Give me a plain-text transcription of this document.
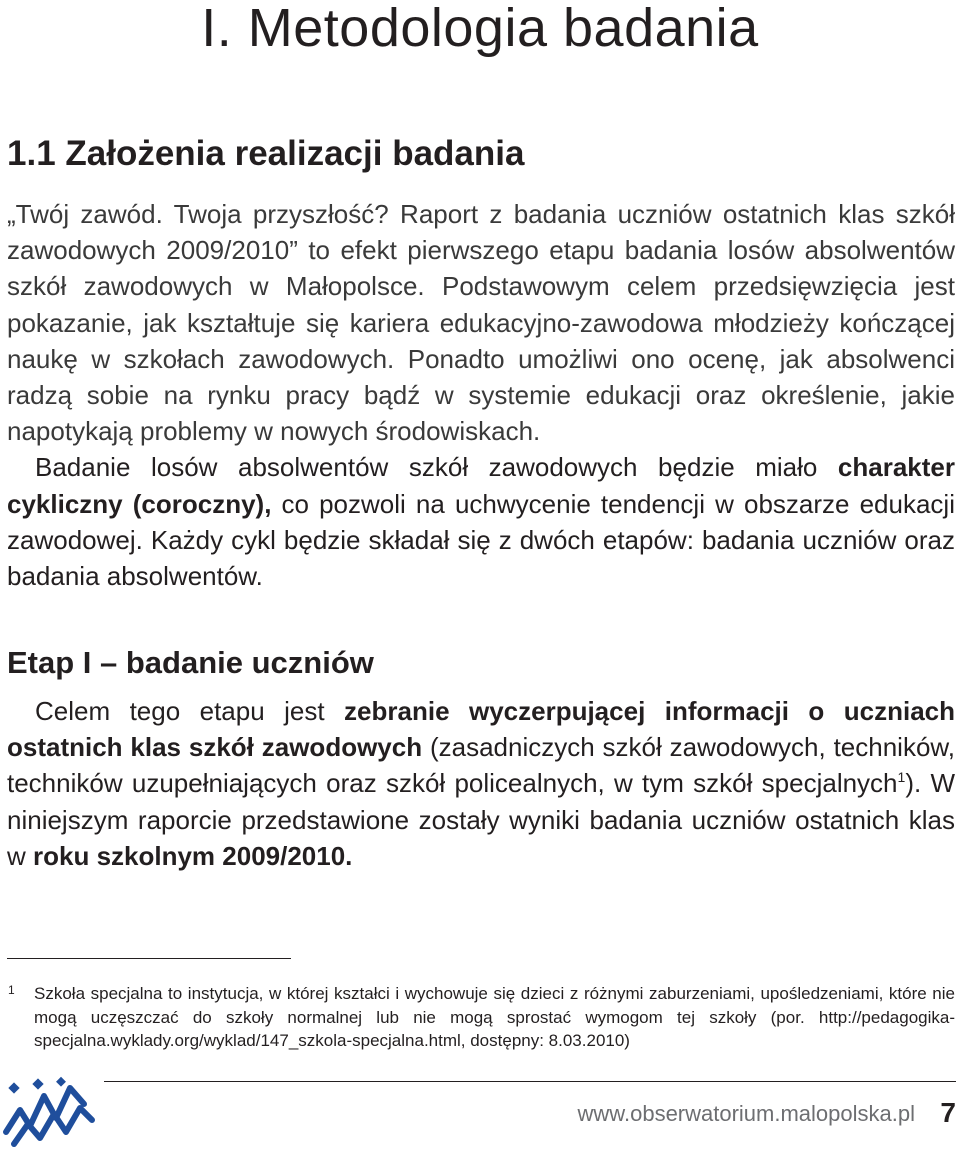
I. Metodologia badania
1.1 Założenia realizacji badania

„Twój zawód. Twoja przyszłość? Raport z badania uczniów ostatnich klas szkół zawodowych 2009/2010” to efekt pierwszego etapu badania losów absolwentów szkół zawodowych w Małopolsce. Podstawowym celem przedsięwzięcia jest pokazanie, jak kształtuje się kariera edukacyjno-zawodowa młodzieży kończącej naukę w szkołach zawodowych. Ponadto umożliwi ono ocenę, jak absolwenci radzą sobie na rynku pracy bądź w systemie edukacji oraz określenie, jakie napotykają problemy w nowych środowiskach.
Badanie losów absolwentów szkół zawodowych będzie miało charakter cykliczny (coroczny), co pozwoli na uchwycenie tendencji w obszarze edukacji zawodowej. Każdy cykl będzie składał się z dwóch etapów: badania uczniów oraz badania absolwentów.

Etap I – badanie uczniów

Celem tego etapu jest zebranie wyczerpującej informacji o uczniach ostatnich klas szkół zawodowych (zasadniczych szkół zawodowych, techników, techników uzupełniających oraz szkół policealnych, w tym szkół specjalnych$^1$). W niniejszym raporcie przedstawione zostały wyniki badania uczniów ostatnich klas w roku szkolnym 2009/2010.

1 Szkoła specjalna to instytucja, w której kształci i wychowuje się dzieci z różnymi zaburzeniami, upośledzeniami, które nie mogą uczęszczać do szkoły normalnej lub nie mogą sprostać wymogom tej szkoły (por. http://pedagogika-specjalna.wyklady.org/wyklad/147_szkola-specjalna.html, dostępny: 8.03.2010)

www.obserwatorium.malopolska.pl 7
